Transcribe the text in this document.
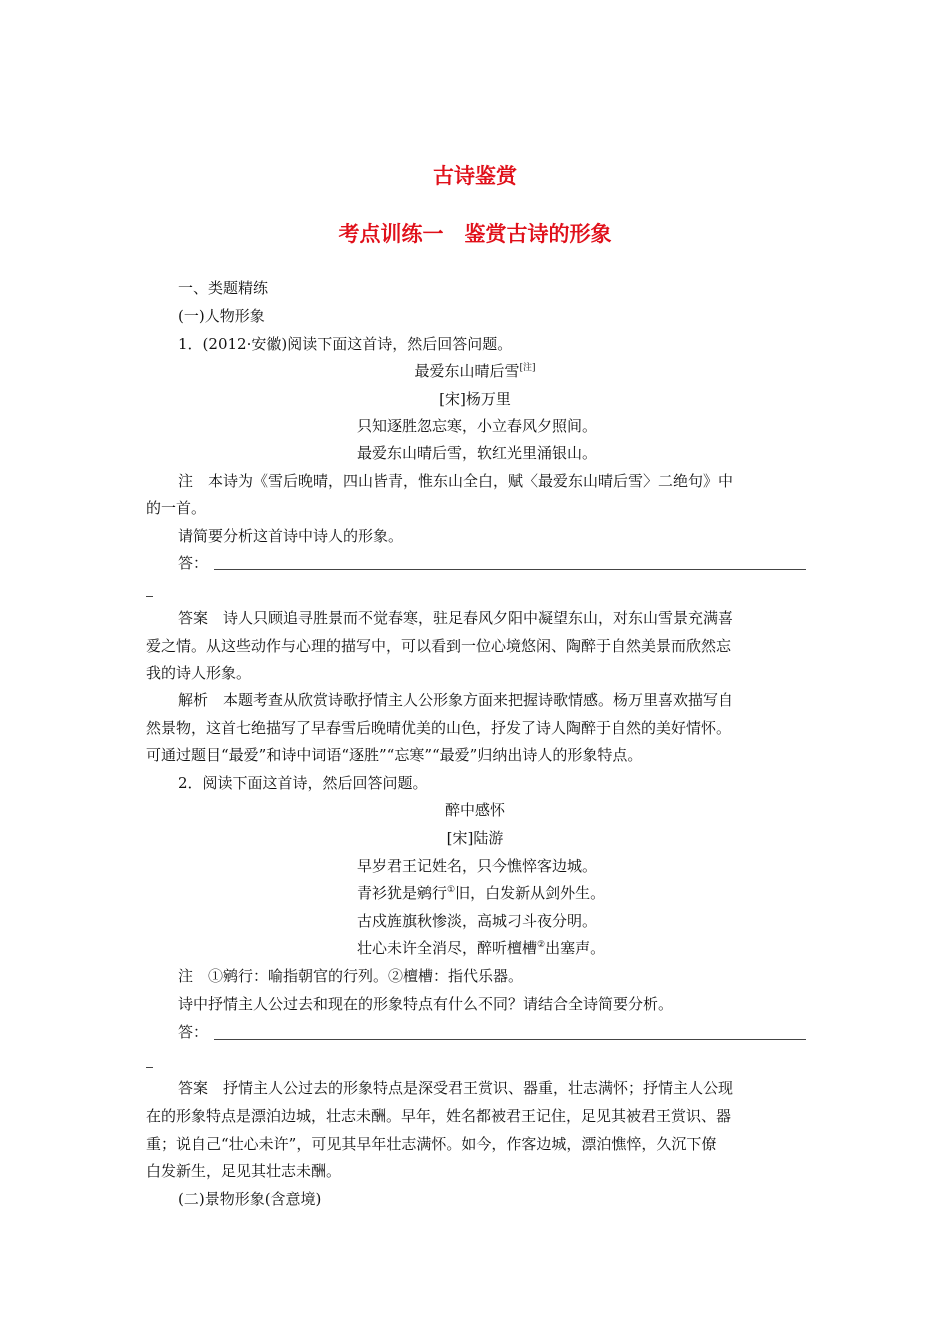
古诗鉴赏
考点训练一　鉴赏古诗的形象
一、类题精练
(一)人物形象
1．(2012·安徽)阅读下面这首诗，然后回答问题。
最爱东山晴后雪[注]
[宋]杨万里
只知逐胜忽忘寒，小立春风夕照间。
最爱东山晴后雪，软红光里涌银山。
注　本诗为《雪后晚晴，四山皆青，惟东山全白，赋〈最爱东山晴后雪〉二绝句》中
的一首。
请简要分析这首诗中诗人的形象。
答：
答案　诗人只顾追寻胜景而不觉春寒，驻足春风夕阳中凝望东山，对东山雪景充满喜
爱之情。从这些动作与心理的描写中，可以看到一位心境悠闲、陶醉于自然美景而欣然忘
我的诗人形象。
解析　本题考查从欣赏诗歌抒情主人公形象方面来把握诗歌情感。杨万里喜欢描写自
然景物，这首七绝描写了早春雪后晚晴优美的山色，抒发了诗人陶醉于自然的美好情怀。
可通过题目“最爱”和诗中词语“逐胜”“忘寒”“最爱”归纳出诗人的形象特点。
2．阅读下面这首诗，然后回答问题。
醉中感怀
[宋]陆游
早岁君王记姓名，只今憔悴客边城。
青衫犹是鹓行①旧，白发新从剑外生。
古戍旌旗秋惨淡，高城刁斗夜分明。
壮心未许全消尽，醉听檀槽②出塞声。
注　①鹓行：喻指朝官的行列。②檀槽：指代乐器。
诗中抒情主人公过去和现在的形象特点有什么不同？请结合全诗简要分析。
答：
答案　抒情主人公过去的形象特点是深受君王赏识、器重，壮志满怀；抒情主人公现
在的形象特点是漂泊边城，壮志未酬。早年，姓名都被君王记住，足见其被君王赏识、器
重；说自己“壮心未许”，可见其早年壮志满怀。如今，作客边城，漂泊憔悴，久沉下僚
白发新生，足见其壮志未酬。
(二)景物形象(含意境)
